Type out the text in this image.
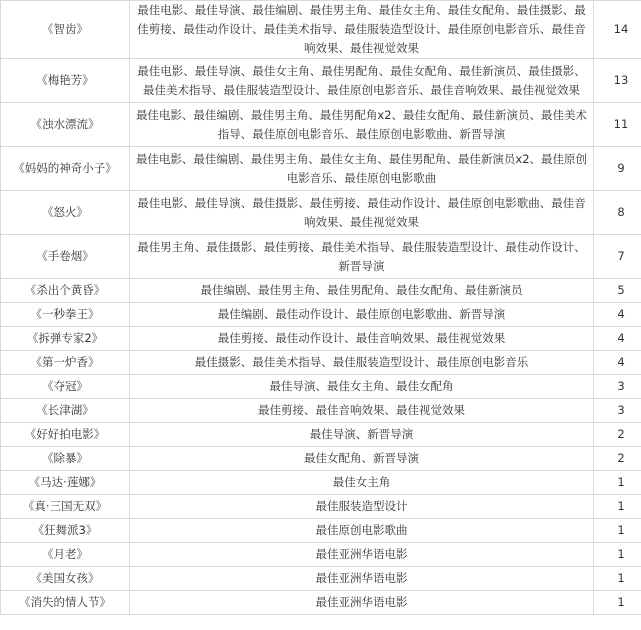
《智齿》	最佳电影、最佳导演、最佳编剧、最佳男主角、最佳女主角、最佳女配角、最佳摄影、最佳剪接、最佳动作设计、最佳美术指导、最佳服装造型设计、最佳原创电影音乐、最佳音响效果、最佳视觉效果	14
《梅艳芳》	最佳电影、最佳导演、最佳女主角、最佳男配角、最佳女配角、最佳新演员、最佳摄影、最佳美术指导、最佳服装造型设计、最佳原创电影音乐、最佳音响效果、最佳视觉效果	13
《浊水漂流》	最佳电影、最佳编剧、最佳男主角、最佳男配角x2、最佳女配角、最佳新演员、最佳美术指导、最佳原创电影音乐、最佳原创电影歌曲、新晋导演	11
《妈妈的神奇小子》	最佳电影、最佳编剧、最佳男主角、最佳女主角、最佳男配角、最佳新演员x2、最佳原创电影音乐、最佳原创电影歌曲	9
《怒火》	最佳电影、最佳导演、最佳摄影、最佳剪接、最佳动作设计、最佳原创电影歌曲、最佳音响效果、最佳视觉效果	8
《手卷烟》	最佳男主角、最佳摄影、最佳剪接、最佳美术指导、最佳服装造型设计、最佳动作设计、新晋导演	7
《杀出个黄昏》	最佳编剧、最佳男主角、最佳男配角、最佳女配角、最佳新演员	5
《一秒拳王》	最佳编剧、最佳动作设计、最佳原创电影歌曲、新晋导演	4
《拆弹专家2》	最佳剪接、最佳动作设计、最佳音响效果、最佳视觉效果	4
《第一炉香》	最佳摄影、最佳美术指导、最佳服装造型设计、最佳原创电影音乐	4
《夺冠》	最佳导演、最佳女主角、最佳女配角	3
《长津湖》	最佳剪接、最佳音响效果、最佳视觉效果	3
《好好拍电影》	最佳导演、新晋导演	2
《除暴》	最佳女配角、新晋导演	2
《马达·莲娜》	最佳女主角	1
《真·三国无双》	最佳服装造型设计	1
《狂舞派3》	最佳原创电影歌曲	1
《月老》	最佳亚洲华语电影	1
《美国女孩》	最佳亚洲华语电影	1
《消失的情人节》	最佳亚洲华语电影	1
